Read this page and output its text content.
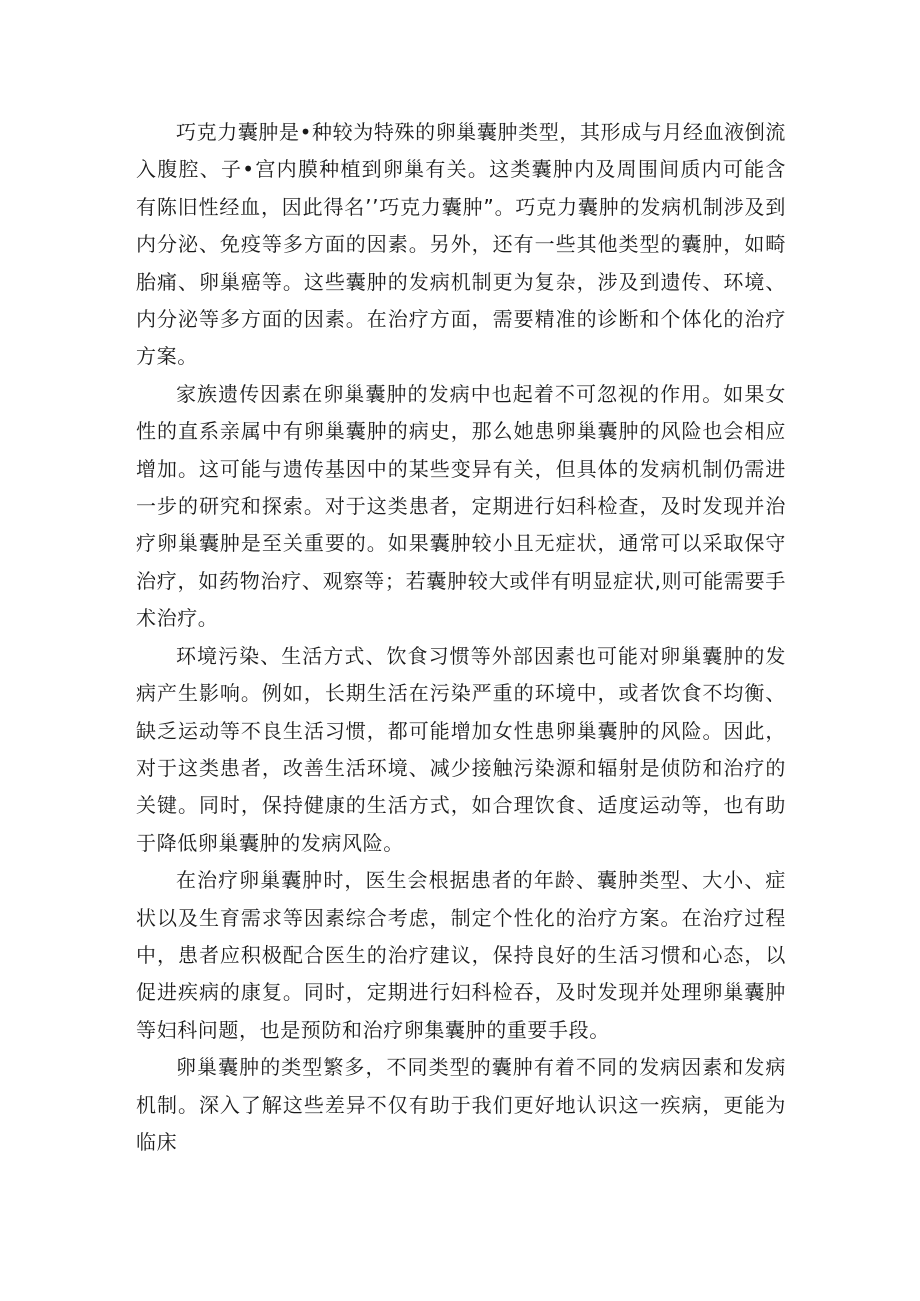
巧克力囊肿是•种较为特殊的卵巢囊肿类型，其形成与月经血液倒流入腹腔、子•宫内膜种植到卵巢有关。这类囊肿内及周围间质内可能含有陈旧性经血，因此得名’’巧克力囊肿”。巧克力囊肿的发病机制涉及到内分泌、免疫等多方面的因素。另外，还有一些其他类型的囊肿，如畸胎痛、卵巢癌等。这些囊肿的发病机制更为复杂，涉及到遗传、环境、内分泌等多方面的因素。在治疗方面，需要精准的诊断和个体化的治疗方案。

家族遗传因素在卵巢囊肿的发病中也起着不可忽视的作用。如果女性的直系亲属中有卵巢囊肿的病史，那么她患卵巢囊肿的风险也会相应增加。这可能与遗传基因中的某些变异有关，但具体的发病机制仍需进一步的研究和探索。对于这类患者，定期进行妇科检查，及时发现并治疗卵巢囊肿是至关重要的。如果囊肿较小且无症状，通常可以采取保守治疗，如药物治疗、观察等；若囊肿较大或伴有明显症状,则可能需要手术治疗。

环境污染、生活方式、饮食习惯等外部因素也可能对卵巢囊肿的发病产生影响。例如，长期生活在污染严重的环境中，或者饮食不均衡、缺乏运动等不良生活习惯，都可能增加女性患卵巢囊肿的风险。因此，对于这类患者，改善生活环境、减少接触污染源和辐射是侦防和治疗的关键。同时，保持健康的生活方式，如合理饮食、适度运动等，也有助于降低卵巢囊肿的发病风险。

在治疗卵巢囊肿时，医生会根据患者的年龄、囊肿类型、大小、症状以及生育需求等因素综合考虑，制定个性化的治疗方案。在治疗过程中，患者应积极配合医生的治疗建议，保持良好的生活习惯和心态，以促进疾病的康复。同时，定期进行妇科检吞，及时发现并处理卵巢囊肿等妇科问题，也是预防和治疗卵集囊肿的重要手段。

卵巢囊肿的类型繁多，不同类型的囊肿有着不同的发病因素和发病机制。深入了解这些差异不仅有助于我们更好地认识这一疾病，更能为临床
